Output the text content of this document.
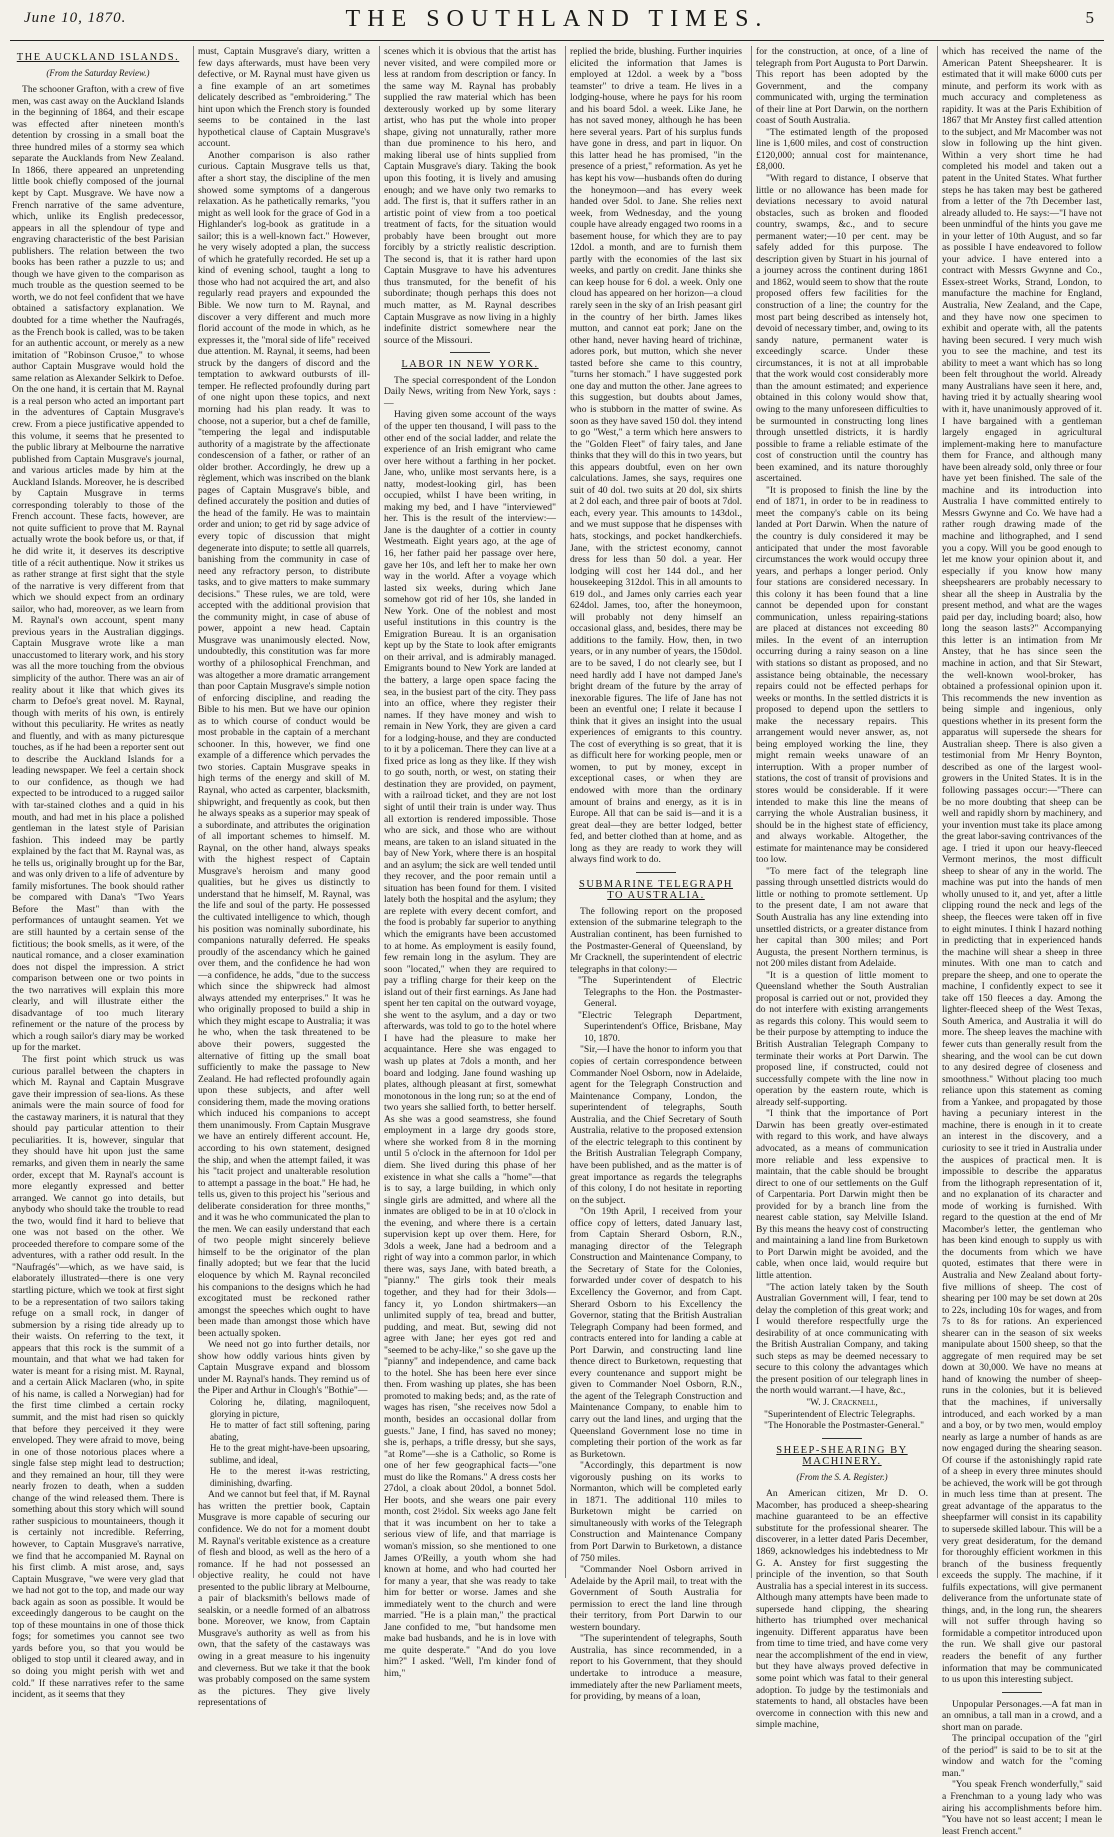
June 10, 1870.	THE SOUTHLAND TIMES.	5
THE AUCKLAND ISLANDS.

(From the Saturday Review.)

The schooner Grafton, with a crew of five men, was cast away on the Auckland Islands in the beginning of 1864, and their escape was effected after nineteen month's detention by crossing in a small boat the three hundred miles of a stormy sea which separate the Aucklands from New Zealand. In 1866, there appeared an unpretending little book chiefly composed of the journal kept by Capt. Musgrave. We have now a French narrative of the same adventure, which, unlike its English predecessor, appears in all the splendour of type and engraving characteristic of the best Parisian publishers. The relation between the two books has been rather a puzzle to us; and though we have given to the comparison as much trouble as the question seemed to be worth, we do not feel confident that we have obtained a satisfactory explanation. We doubted for a time whether the Naufragés, as the French book is called, was to be taken for an authentic account, or merely as a new imitation of "Robinson Crusoe," to whose author Captain Musgrave would hold the same relation as Alexander Selkirk to Defoe. On the one hand, it is certain that M. Raynal is a real person who acted an important part in the adventures of Captain Musgrave's crew. From a piece justificative appended to this volume, it seems that he presented to the public library at Melbourne the narrative published from Captain Musgrave's journal, and various articles made by him at the Auckland Islands. Moreover, he is described by Captain Musgrave in terms corresponding tolerably to those of the French account. These facts, however, are not quite sufficient to prove that M. Raynal actually wrote the book before us, or that, if he did write it, it deserves its descriptive title of a récit authentique. Now it strikes us as rather strange at first sight that the style of the narrative is very different from that which we should expect from an ordinary sailor, who had, moreover, as we learn from M. Raynal's own account, spent many previous years in the Australian diggings. Captain Musgrave wrote like a man unaccustomed to literary work, and his story was all the more touching from the obvious simplicity of the author. There was an air of reality about it like that which gives its charm to Defoe's great novel. M. Raynal, though with merits of his own, is entirely without this peculiarity. He writes as neatly and fluently, and with as many picturesque touches, as if he had been a reporter sent out to describe the Auckland Islands for a leading newspaper. We feel a certain shock to our confidence, as though we had expected to be introduced to a rugged sailor with tar-stained clothes and a quid in his mouth, and had met in his place a polished gentleman in the latest style of Parisian fashion. This indeed may be partly explained by the fact that M. Raynal was, as he tells us, originally brought up for the Bar, and was only driven to a life of adventure by family misfortunes. The book should rather be compared with Dana's "Two Years Before the Mast" than with the performances of untaught seamen. Yet we are still haunted by a certain sense of the fictitious; the book smells, as it were, of the nautical romance, and a closer examination does not dispel the impression. A strict comparison between one or two points in the two narratives will explain this more clearly, and will illustrate either the disadvantage of too much literary refinement or the nature of the process by which a rough sailor's diary may be worked up for the market.

The first point which struck us was curious parallel between the chapters in which M. Raynal and Captain Musgrave gave their impression of sea-lions. As these animals were the main source of food for the castaway mariners, it is natural that they should pay particular attention to their peculiarities. It is, however, singular that they should have hit upon just the same remarks, and given them in nearly the same order, except that M. Raynal's account is more elegantly expressed and better arranged. We cannot go into details, but anybody who should take the trouble to read the two, would find it hard to believe that one was not based on the other. We proceeded therefore to compare some of the adventures, with a rather odd result. In the "Naufragés"—which, as we have said, is elaborately illustrated—there is one very startling picture, which we took at first sight to be a representation of two sailors taking refuge on a small rock, in danger of submersion by a rising tide already up to their waists. On referring to the text, it appears that this rock is the summit of a mountain, and that what we had taken for water is meant for a rising mist. M. Raynal, and a certain Alick Maclaren (who, in spite of his name, is called a Norwegian) had for the first time climbed a certain rocky summit, and the mist had risen so quickly that before they perceived it they were enveloped. They were afraid to move, being in one of those notorious places where a single false step might lead to destruction; and they remained an hour, till they were nearly frozen to death, when a sudden change of the wind released them. There is something about this story which will sound rather suspicious to mountaineers, though it is certainly not incredible. Referring, however, to Captain Musgrave's narrative, we find that he accompanied M. Raynal on his first climb. A mist arose, and, says Captain Musgrave, "we were very glad that we had not got to the top, and made our way back again as soon as possible. It would be exceedingly dangerous to be caught on the top of these mountains in one of those thick fogs; for sometimes you cannot see two yards before you, so that you would be obliged to stop until it cleared away, and in so doing you might perish with wet and cold." If these narratives refer to the same incident, as it seems that they

must, Captain Musgrave's diary, written a few days afterwards, must have been very defective, or M. Raynal must have given us a fine example of an art sometimes delicately described as "embroidering." The hint upon which the French story is founded seems to be contained in the last hypothetical clause of Captain Musgrave's account.

Another comparison is also rather curious. Captain Musgrave tells us that, after a short stay, the discipline of the men showed some symptoms of a dangerous relaxation. As he pathetically remarks, "you might as well look for the grace of God in a Highlander's log-book as gratitude in a sailor; this is a well-known fact." However, he very wisely adopted a plan, the success of which he gratefully recorded. He set up a kind of evening school, taught a long to those who had not acquired the art, and also regularly read prayers and expounded the Bible. We now turn to M. Raynal, and discover a very different and much more florid account of the mode in which, as he expresses it, the "moral side of life" received due attention. M. Raynal, it seems, had been struck by the dangers of discord and the temptation to awkward outbursts of ill-temper. He reflected profoundly during part of one night upon these topics, and next morning had his plan ready. It was to choose, not a superior, but a chef de famille, "tempering the legal and indisputable authority of a magistrate by the affectionate condescension of a father, or rather of an older brother. Accordingly, he drew up a règlement, which was inscribed on the blank pages of Captain Musgrave's bible, and defined accurately the position and duties of the head of the family. He was to maintain order and union; to get rid by sage advice of every topic of discussion that might degenerate into dispute; to settle all quarrels, banishing from the community in case of need any refractory person, to distribute tasks, and to give matters to make summary decisions." These rules, we are told, were accepted with the additional provision that the community might, in case of abuse of power, appoint a new head. Captain Musgrave was unanimously elected. Now, undoubtedly, this constitution was far more worthy of a philosophical Frenchman, and was altogether a more dramatic arrangement than poor Captain Musgrave's simple notion of enforcing discipline, and reading the Bible to his men. But we have our opinion as to which course of conduct would be most probable in the captain of a merchant schooner. In this, however, we find one example of a difference which pervades the two stories. Captain Musgrave speaks in high terms of the energy and skill of M. Raynal, who acted as carpenter, blacksmith, shipwright, and frequently as cook, but then he always speaks as a superior may speak of a subordinate, and attributes the origination of all important schemes to himself. M. Raynal, on the other hand, always speaks with the highest respect of Captain Musgrave's heroism and many good qualities, but he gives us distinctly to understand that he himself, M. Raynal, was the life and soul of the party. He possessed the cultivated intelligence to which, though his position was nominally subordinate, his companions naturally deferred. He speaks proudly of the ascendancy which he gained over them, and the confidence he had won—a confidence, he adds, "due to the success which since the shipwreck had almost always attended my enterprises." It was he who originally proposed to build a ship in which they might escape to Australia; it was he who, when the task threatened to be above their powers, suggested the alternative of fitting up the small boat sufficiently to make the passage to New Zealand. He had reflected profoundly again upon these subjects, and after well considering them, made the moving orations which induced his companions to accept them unanimously. From Captain Musgrave we have an entirely different account. He, according to his own statement, designed the ship, and when the attempt failed, it was his "tacit project and unalterable resolution to attempt a passage in the boat." He had, he tells us, given to this project his "serious and deliberate consideration for three months," and it was he who communicated the plan to the men. We can easily understand that each of two people might sincerely believe himself to be the originator of the plan finally adopted; but we fear that the lucid eloquence by which M. Raynal reconciled his companions to the designs which he had excogitated must be reckoned rather amongst the speeches which ought to have been made than amongst those which have been actually spoken.

We need not go into further details, nor show how oddly various hints given by Captain Musgrave expand and blossom under M. Raynal's hands. They remind us of the Piper and Arthur in Clough's "Bothie"—

Coloring he, dilating, magniloquent, glorying in picture,

He to matter of fact still softening, paring abating,

He to the great might-have-been upsoaring, sublime, and ideal,

He to the merest it-was restricting, diminishing, dwarfing.

And we cannot but feel that, if M. Raynal has written the prettier book, Captain Musgrave is more capable of securing our confidence. We do not for a moment doubt M. Raynal's veritable existence as a creature of flesh and blood, as well as the hero of a romance. If he had not possessed an objective reality, he could not have presented to the public library at Melbourne, a pair of blacksmith's bellows made of sealskin, or a needle formed of an albatross bone. Moreover, we know, from Captain Musgrave's authority as well as from his own, that the safety of the castaways was owing in a great measure to his ingenuity and cleverness. But we take it that the book was probably composed on the same system as the pictures. They give lively representations of

scenes which it is obvious that the artist has never visited, and were compiled more or less at random from description or fancy. In the same way M. Raynal has probably supplied the raw material which has been dexterously worked up by some literary artist, who has put the whole into proper shape, giving not unnaturally, rather more than due prominence to his hero, and making liberal use of hints supplied from Captain Musgrave's diary. Taking the book upon this footing, it is lively and amusing enough; and we have only two remarks to add. The first is, that it suffers rather in an artistic point of view from a too poetical treatment of facts, for the situation would probably have been brought out more forcibly by a strictly realistic description. The second is, that it is rather hard upon Captain Musgrave to have his adventures thus transmuted, for the benefit of his subordinate; though perhaps this does not much matter, as M. Raynal describes Captain Musgrave as now living in a highly indefinite district somewhere near the source of the Missouri.

LABOR IN NEW YORK.

The special correspondent of the London Daily News, writing from New York, says :—

Having given some account of the ways of the upper ten thousand, I will pass to the other end of the social ladder, and relate the experience of an Irish emigrant who came over here without a farthing in her pocket. Jane, who, unlike most servants here, is a natty, modest-looking girl, has been occupied, whilst I have been writing, in making my bed, and I have "interviewed" her. This is the result of the interview:—Jane is the daughter of a cottier in county Westmeath. Eight years ago, at the age of 16, her father paid her passage over here, gave her 10s, and left her to make her own way in the world. After a voyage which lasted six weeks, during which Jane somehow got rid of her 10s, she landed in New York. One of the noblest and most useful institutions in this country is the Emigration Bureau. It is an organisation kept up by the State to look after emigrants on their arrival, and is admirably managed. Emigrants bound to New York are landed at the battery, a large open space facing the sea, in the busiest part of the city. They pass into an office, where they register their names. If they have money and wish to remain in New York, they are given a card for a lodging-house, and they are conducted to it by a policeman. There they can live at a fixed price as long as they like. If they wish to go south, north, or west, on stating their destination they are provided, on payment, with a railroad ticket, and they are not lost sight of until their train is under way. Thus all extortion is rendered impossible. Those who are sick, and those who are without means, are taken to an island situated in the bay of New York, where there is an hospital and an asylum; the sick are well tended until they recover, and the poor remain until a situation has been found for them. I visited lately both the hospital and the asylum; they are replete with every decent comfort, and the food is probably far superior to anything which the emigrants have been accustomed to at home. As employment is easily found, few remain long in the asylum. They are soon "located," when they are required to pay a trifling charge for their keep on the island out of their first earnings. As Jane had spent her ten capital on the outward voyage, she went to the asylum, and a day or two afterwards, was told to go to the hotel where I have had the pleasure to make her acquaintance. Here she was engaged to wash up plates at 7dols a month, and her board and lodging. Jane found washing up plates, although pleasant at first, somewhat monotonous in the long run; so at the end of two years she sallied forth, to better herself. As she was a good seamstress, she found employment in a large dry goods store, where she worked from 8 in the morning until 5 o'clock in the afternoon for 1dol per diem. She lived during this phase of her existence in what she calls a "home"—that is to say, a large building, in which only single girls are admitted, and where all the inmates are obliged to be in at 10 o'clock in the evening, and where there is a certain supervision kept up over them. Here, for 3dols a week, Jane had a bedroom and a right of way into a common parlor, in which there was, says Jane, with bated breath, a "pianny." The girls took their meals together, and they had for their 3dols—fancy it, yo London shirtmakers—an unlimited supply of tea, bread and butter, pudding, and meat. But, sewing did not agree with Jane; her eyes got red and "seemed to be achy-like," so she gave up the "pianny" and independence, and came back to the hotel. She has been here ever since then. From washing up plates, she has been promoted to making beds; and, as the rate of wages has risen, "she receives now 5dol a month, besides an occasional dollar from guests." Jane, I find, has saved no money; she is, perhaps, a trifle dressy, but she says, "at Rome"—she is a Catholic, so Rome is one of her few geographical facts—"one must do like the Romans." A dress costs her 27dol, a cloak about 20dol, a bonnet 5dol. Her boots, and she wears one pair every month, cost 2½dol. Six weeks ago Jane felt that it was incumbent on her to take a serious view of life, and that marriage is woman's mission, so she mentioned to one James O'Reilly, a youth whom she had known at home, and who had courted her for many a year, that she was ready to take him for better or worse. James and she immediately went to the church and were married. "He is a plain man," the practical Jane confided to me, "but handsome men make bad husbands, and he is in love with me quite desperate." "And do you love him?" I asked. "Well, I'm kinder fond of him,"

replied the bride, blushing. Further inquiries elicited the information that James is employed at 12dol. a week by a "boss teamster" to drive a team. He lives in a lodging-house, where he pays for his room and his board 5dol. a week. Like Jane, he has not saved money, although he has been here several years. Part of his surplus funds have gone in dress, and part in liquor. On this latter head he has promised, "in the presence of a priest," reformation. As yet he has kept his vow—husbands often do during the honeymoon—and has every week handed over 5dol. to Jane. She relies next week, from Wednesday, and the young couple have already engaged two rooms in a basement house, for which they are to pay 12dol. a month, and are to furnish them partly with the economies of the last six weeks, and partly on credit. Jane thinks she can keep house for 6 dol. a week. Only one cloud has appeared on her horizon—a cloud rarely seen in the sky of an Irish peasant girl in the country of her birth. James likes mutton, and cannot eat pork; Jane on the other hand, never having heard of trichinæ, adores pork, but mutton, which she never tasted before she came to this country, "turns her stomach." I have suggested pork one day and mutton the other. Jane agrees to this suggestion, but doubts about James, who is stubborn in the matter of swine. As soon as they have saved 150 dol. they intend to go "West," a term which here answers to the "Golden Fleet" of fairy tales, and Jane thinks that they will do this in two years, but this appears doubtful, even on her own calculations. James, she says, requires one suit of 40 dol. two suits at 20 dol, six shirts at 2 dol each, and three pair of boots at 7dol. each, every year. This amounts to 143dol., and we must suppose that he dispenses with hats, stockings, and pocket handkerchiefs. Jane, with the strictest economy, cannot dress for less than 50 dol. a year. Her lodging will cost her 144 dol., and her housekeeping 312dol. This in all amounts to 619 dol., and James only carries each year 624dol. James, too, after the honeymoon, will probably not deny himself an occasional glass, and, besides, there may be additions to the family. How, then, in two years, or in any number of years, the 150dol. are to be saved, I do not clearly see, but I need hardly add I have not damped Jane's bright dream of the future by the array of inexorable figures. The life of Jane has not been an eventful one; I relate it because I think that it gives an insight into the usual experiences of emigrants to this country. The cost of everything is so great, that it is as difficult here for working people, men or women, to put by money, except in exceptional cases, or when they are endowed with more than the ordinary amount of brains and energy, as it is in Europe. All that can be said is—and it is a great deal—they are better lodged, better fed, and better clothed than at home, and as long as they are ready to work they will always find work to do.

SUBMARINE TELEGRAPH TO AUSTRALIA.

The following report on the proposed extension of the submarine telegraph to the Australian continent, has been furnished to the Postmaster-General of Queensland, by Mr Cracknell, the superintendent of electric telegraphs in that colony:—

"The Superintendent of Electric Telegraphs to the Hon. the Postmaster-General.

"Electric Telegraph Department, Superintendent's Office, Brisbane, May 10, 1870.

"Sir,—I have the honor to inform you that copies of certain correspondence between Commander Noel Osborn, now in Adelaide, agent for the Telegraph Construction and Maintenance Company, London, the superintendent of telegraphs, South Australia, and the Chief Secretary of South Australia, relative to the proposed extension of the electric telegraph to this continent by the British Australian Telegraph Company, have been published, and as the matter is of great importance as regards the telegraphs of this colony, I do not hesitate in reporting on the subject.

"On 19th April, I received from your office copy of letters, dated January last, from Captain Sherard Osborn, R.N., managing director of the Telegraph Construction and Maintenance Company, to the Secretary of State for the Colonies, forwarded under cover of despatch to his Excellency the Governor, and from Capt. Sherard Osborn to his Excellency the Governor, stating that the British Australian Telegraph Company had been formed, and contracts entered into for landing a cable at Port Darwin, and constructing land line thence direct to Burketown, requesting that every countenance and support might be given to Commander Noel Osborn, R.N., the agent of the Telegraph Construction and Maintenance Company, to enable him to carry out the land lines, and urging that the Queensland Government lose no time in completing their portion of the work as far as Burketown.

"Accordingly, this department is now vigorously pushing on its works to Normanton, which will be completed early in 1871. The additional 110 miles to Burketown might be carried on simultaneously with works of the Telegraph Construction and Maintenance Company from Port Darwin to Burketown, a distance of 750 miles.

"Commander Noel Osborn arrived in Adelaide by the April mail, to treat with the Government of South Australia for permission to erect the land line through their territory, from Port Darwin to our western boundary.

"The superintendent of telegraphs, South Australia, has since recommended, in a report to his Government, that they should undertake to introduce a measure, immediately after the new Parliament meets, for providing, by means of a loan,

for the construction, at once, of a line of telegraph from Port Augusta to Port Darwin. This report has been adopted by the Government, and the company communicated with, urging the termination of their line at Port Darwin, on the northern coast of South Australia.

"The estimated length of the proposed line is 1,600 miles, and cost of construction £120,000; annual cost for maintenance, £8,000.

"With regard to distance, I observe that little or no allowance has been made for deviations necessary to avoid natural obstacles, such as broken and flooded country, swamps, &c., and to secure permanent water;—10 per cent. may be safely added for this purpose. The description given by Stuart in his journal of a journey across the continent during 1861 and 1862, would seem to show that the route proposed offers few facilities for the construction of a line; the country for the most part being described as intensely hot, devoid of necessary timber, and, owing to its sandy nature, permanent water is exceedingly scarce. Under these circumstances, it is not at all improbable that the work would cost considerably more than the amount estimated; and experience obtained in this colony would show that, owing to the many unforeseen difficulties to be surmounted in constructing long lines through unsettled districts, it is hardly possible to frame a reliable estimate of the cost of construction until the country has been examined, and its nature thoroughly ascertained.

"It is proposed to finish the line by the end of 1871, in order to be in readiness to meet the company's cable on its being landed at Port Darwin. When the nature of the country is duly considered it may be anticipated that under the most favorable circumstances the work would occupy three years, and perhaps a longer period. Only four stations are considered necessary. In this colony it has been found that a line cannot be depended upon for constant communication, unless repairing-stations are placed at distances not exceeding 80 miles. In the event of an interruption occurring during a rainy season on a line with stations so distant as proposed, and no assistance being obtainable, the necessary repairs could not be effected perhaps for weeks or months. In the settled districts it is proposed to depend upon the settlers to make the necessary repairs. This arrangement would never answer, as, not being employed working the line, they might remain weeks unaware of an interruption. With a proper number of stations, the cost of transit of provisions and stores would be considerable. If it were intended to make this line the means of carrying the whole Australian business, it should be in the highest state of efficiency, and always workable. Altogether, the estimate for maintenance may be considered too low.

"To mere fact of the telegraph line passing through unsettled districts would do little or nothing to promote settlement. Up to the present date, I am not aware that South Australia has any line extending into unsettled districts, or a greater distance from her capital than 300 miles; and Port Augusta, the present Northern terminus, is not 200 miles distant from Adelaide.

"It is a question of little moment to Queensland whether the South Australian proposal is carried out or not, provided they do not interfere with existing arrangements as regards this colony. This would seem to be their purpose by attempting to induce the British Australian Telegraph Company to terminate their works at Port Darwin. The proposed line, if constructed, could not successfully compete with the line now in operation by the eastern route, which is already self-supporting.

"I think that the importance of Port Darwin has been greatly over-estimated with regard to this work, and have always advocated, as a means of communication more reliable and less expensive to maintain, that the cable should be brought direct to one of our settlements on the Gulf of Carpentaria. Port Darwin might then be provided for by a branch line from the nearest cable station, say Melville Island. By this means the heavy cost of constructing and maintaining a land line from Burketown to Port Darwin might be avoided, and the cable, when once laid, would require but little attention.

"The action lately taken by the South Australian Government will, I fear, tend to delay the completion of this great work; and I would therefore respectfully urge the desirability of at once communicating with the British Australian Company, and taking such steps as may be deemed necessary to secure to this colony the advantages which the present position of our telegraph lines in the north would warrant.—I have, &c.,

"W. J. Cracknell,

"Superintendent of Electric Telegraphs.

"The Honorable the Postmaster-General."

SHEEP-SHEARING BY MACHINERY.

(From the S. A. Register.)

An American citizen, Mr D. O. Macomber, has produced a sheep-shearing machine guaranteed to be an effective substitute for the professional shearer. The discoverer, in a letter dated Paris December, 1869, acknowledges his indebtedness to Mr G. A. Anstey for first suggesting the principle of the invention, so that South Australia has a special interest in its success. Although many attempts have been made to supersede hand clipping, the shearing hitherto has triumphed over mechanical ingenuity. Different apparatus have been from time to time tried, and have come very near the accomplishment of the end in view, but they have always proved defective in some point which was fatal to their general adoption. To judge by the testimonials and statements to hand, all obstacles have been overcome in connection with this new and simple machine,

which has received the name of the American Patent Sheepshearer. It is estimated that it will make 6000 cuts per minute, and perform its work with as much accuracy and completeness as rapidity. It was at the Paris Exhibition of 1867 that Mr Anstey first called attention to the subject, and Mr Macomber was not slow in following up the hint given. Within a very short time he had completed his model and taken out a patent in the United States. What further steps he has taken may best be gathered from a letter of the 7th December last, already alluded to. He says:—"I have not been unmindful of the hints you gave me in your letter of 10th August, and so far as possible I have endeavored to follow your advice. I have entered into a contract with Messrs Gwynne and Co., Essex-street Works, Strand, London, to manufacture the machine for England, Australia, New Zealand, and the Cape, and they have now one specimen to exhibit and operate with, all the patents having been secured. I very much wish you to see the machine, and test its ability to meet a want which has so long been felt throughout the world. Already many Australians have seen it here, and, having tried it by actually shearing wool with it, have unanimously approved of it. I have bargained with a gentleman largely engaged in agricultural implement-making here to manufacture them for France, and although many have been already sold, only three or four have yet been finished. The sale of the machine and its introduction into Australia I have committed entirely to Messrs Gwynne and Co. We have had a rather rough drawing made of the machine and lithographed, and I send you a copy. Will you be good enough to let me know your opinion about it, and especially if you know how many sheepshearers are probably necessary to shear all the sheep in Australia by the present method, and what are the wages paid per day, including board; also, how long the season lasts?" Accompanying this letter is an intimation from Mr Anstey, that he has since seen the machine in action, and that Sir Stewart, the well-known wool-broker, has obtained a professional opinion upon it. This recommends the new invention as being simple and ingenious, only questions whether in its present form the apparatus will supersede the shears for Australian sheep. There is also given a testimonial from Mr Henry Boynton, described as one of the largest wool-growers in the United States. It is in the following passages occur:—"There can be no more doubting that sheep can be well and rapidly shorn by machinery, and your invention must take its place among the great labor-saving contrivances of the age. I tried it upon our heavy-fleeced Vermont merinos, the most difficult sheep to shear of any in the world. The machine was put into the hands of men wholly unused to it, and yet, after a little clipping round the neck and legs of the sheep, the fleeces were taken off in five to eight minutes. I think I hazard nothing in predicting that in experienced hands the machine will shear a sheep in three minutes. With one man to catch and prepare the sheep, and one to operate the machine, I confidently expect to see it take off 150 fleeces a day. Among the lighter-fleeced sheep of the West Texas, South America, and Australia it will do more. The sheep leaves the machine with fewer cuts than generally result from the shearing, and the wool can be cut down to any desired degree of closeness and smoothness." Without placing too much reliance upon this statement as coming from a Yankee, and propagated by those having a pecuniary interest in the machine, there is enough in it to create an interest in the discovery, and a curiosity to see it tried in Australia under the auspices of practical men. It is impossible to describe the apparatus from the lithograph representation of it, and no explanation of its character and mode of working is furnished. With regard to the question at the end of Mr Macomber's letter, the gentleman who has been kind enough to supply us with the documents from which we have quoted, estimates that there were in Australia and New Zealand about forty-five millions of sheep. The cost of shearing per 100 may be set down at 20s to 22s, including 10s for wages, and from 7s to 8s for rations. An experienced shearer can in the season of six weeks manipulate about 1500 sheep, so that the aggregate of men required may be set down at 30,000. We have no means at hand of knowing the number of sheep-runs in the colonies, but it is believed that the machines, if universally introduced, and each worked by a man and a boy, or by two men, would employ nearly as large a number of hands as are now engaged during the shearing season. Of course if the astonishingly rapid rate of a sheep in every three minutes should be achieved, the work will be got through in much less time than at present. The great advantage of the apparatus to the sheepfarmer will consist in its capability to supersede skilled labour. This will be a very great desideratum, for the demand for thoroughly efficient workmen in this branch of the business frequently exceeds the supply. The machine, if it fulfils expectations, will give permanent deliverance from the unfortunate state of things, and, in the long run, the shearers will not suffer through having so formidable a competitor introduced upon the run. We shall give our pastoral readers the benefit of any further information that may be communicated to us upon this interesting subject.

Unpopular Personages.—A fat man in an omnibus, a tall man in a crowd, and a short man on parade.

The principal occupation of the "girl of the period" is said to be to sit at the window and watch for the "coming man."

"You speak French wonderfully," said a Frenchman to a young lady who was airing his accomplishments before him. "You have not so least accent; I mean le least French accent."
